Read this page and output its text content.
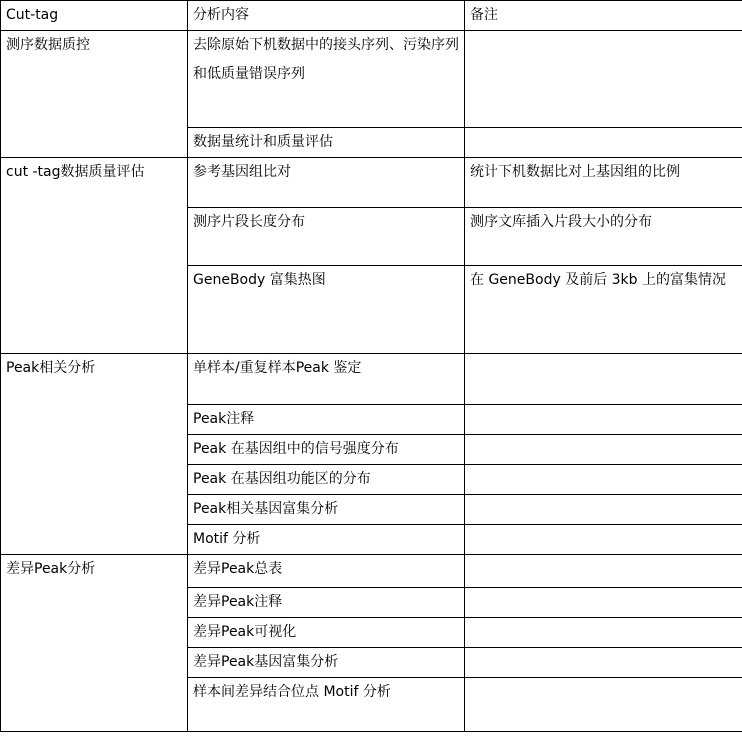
Cut-tag	分析内容	备注
测序数据质控	去除原始下机数据中的接头序列、污染序列和低质量错误序列	
	数据量统计和质量评估	
cut -tag数据质量评估	参考基因组比对	统计下机数据比对上基因组的比例
	测序片段长度分布	测序文库插入片段大小的分布
	GeneBody 富集热图	在 GeneBody 及前后 3kb 上的富集情况
Peak相关分析	单样本/重复样本Peak 鉴定	
	Peak注释	
	Peak 在基因组中的信号强度分布	
	Peak 在基因组功能区的分布	
	Peak相关基因富集分析	
	Motif 分析	
差异Peak分析	差异Peak总表	
	差异Peak注释	
	差异Peak可视化	
	差异Peak基因富集分析	
	样本间差异结合位点 Motif 分析	
